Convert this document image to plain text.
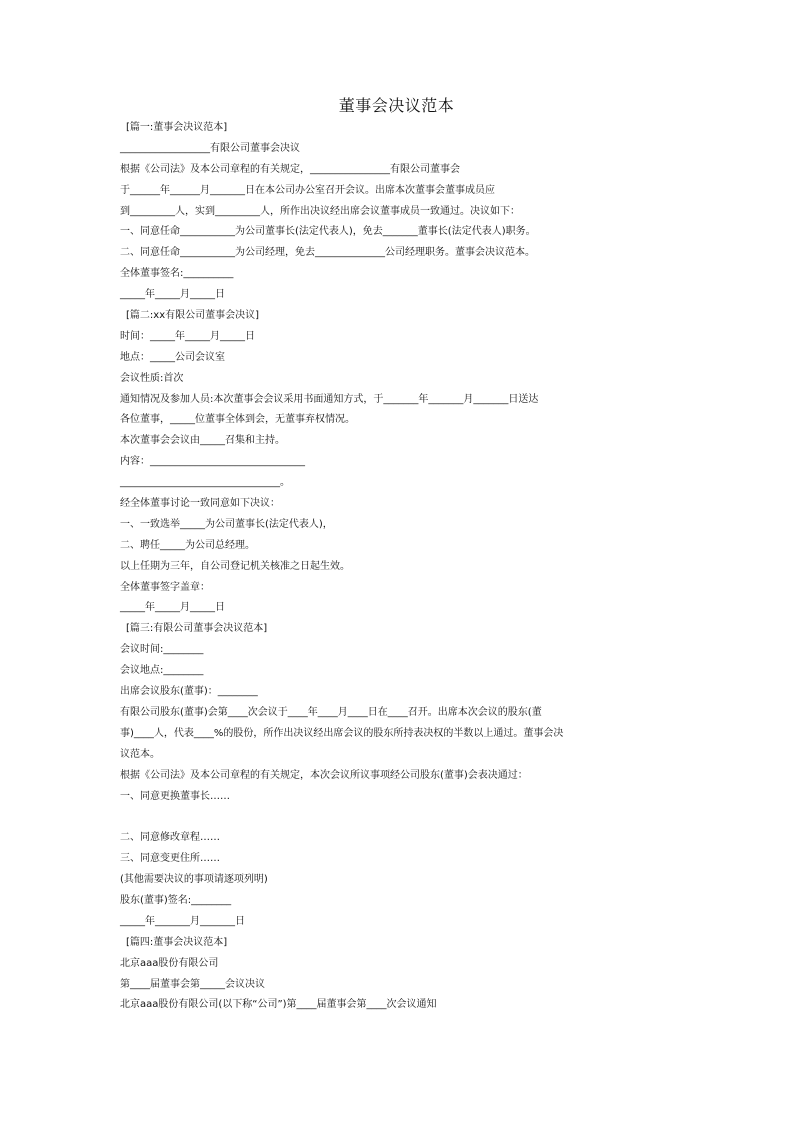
董事会决议范本
[篇一:董事会决议范本]
__________________有限公司董事会决议
根据《公司法》及本公司章程的有关规定，________________有限公司董事会
于______年______月_______日在本公司办公室召开会议。出席本次董事会董事成员应
到_________人，实到_________人，所作出决议经出席会议董事成员一致通过。决议如下：
一、同意任命___________为公司董事长(法定代表人)，免去_______董事长(法定代表人)职务。
二、同意任命___________为公司经理，免去______________公司经理职务。董事会决议范本。
全体董事签名:__________
_____年_____月_____日
[篇二:xx有限公司董事会决议]
时间：_____年_____月_____日
地点：_____公司会议室
会议性质:首次
通知情况及参加人员:本次董事会会议采用书面通知方式，于_______年_______月_______日送达
各位董事，_____位董事全体到会，无董事弃权情况。
本次董事会会议由_____召集和主持。
内容：_______________________________
________________________________。
经全体董事讨论一致同意如下决议：
一、一致选举_____为公司董事长(法定代表人)，
二、聘任_____为公司总经理。
以上任期为三年，自公司登记机关核准之日起生效。
全体董事签字盖章：
_____年_____月_____日
[篇三:有限公司董事会决议范本]
会议时间:________
会议地点:________
出席会议股东(董事)：________
有限公司股东(董事)会第____次会议于____年____月____日在____召开。出席本次会议的股东(董
事)____人，代表____%的股份，所作出决议经出席会议的股东所持表决权的半数以上通过。董事会决
议范本。
根据《公司法》及本公司章程的有关规定，本次会议所议事项经公司股东(董事)会表决通过：
一、同意更换董事长……
二、同意修改章程……
三、同意变更住所……
(其他需要决议的事项请逐项列明)
股东(董事)签名:________
_____年_______月_______日
[篇四:董事会决议范本]
北京aaa股份有限公司
第____届董事会第_____会议决议
北京aaa股份有限公司(以下称“公司”)第____届董事会第____次会议通知
